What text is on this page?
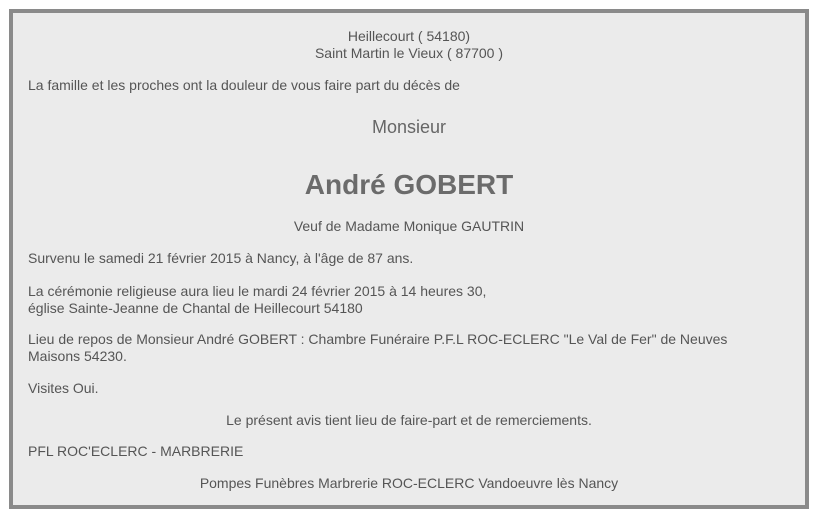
Heillecourt ( 54180)
Saint Martin le Vieux ( 87700 )
La famille et les proches ont la douleur de vous faire part du décès de
Monsieur
André GOBERT
Veuf de Madame Monique GAUTRIN
Survenu le samedi 21 février 2015 à Nancy, à l'âge de 87 ans.
La cérémonie religieuse aura lieu le mardi 24 février 2015 à 14 heures 30,
église Sainte-Jeanne de Chantal de Heillecourt 54180
Lieu de repos de Monsieur André GOBERT : Chambre Funéraire P.F.L ROC-ECLERC "Le Val de Fer" de Neuves
Maisons 54230.
Visites Oui.
Le présent avis tient lieu de faire-part et de remerciements.
PFL ROC'ECLERC - MARBRERIE
Pompes Funèbres Marbrerie ROC-ECLERC Vandoeuvre lès Nancy
